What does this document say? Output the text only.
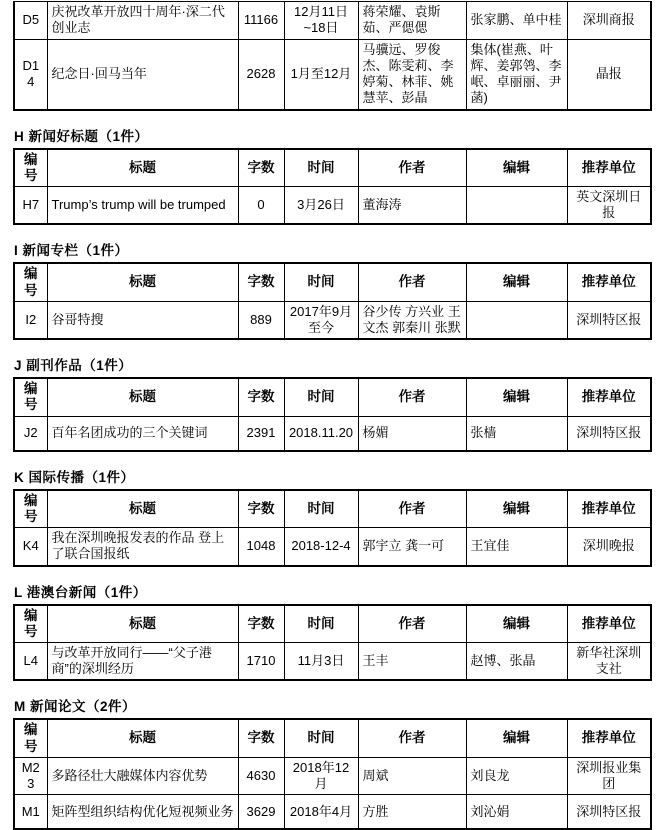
D5	庆祝改革开放四十周年·深二代创业志	11166	12月11日~18日	蒋荣耀、袁斯茹、严偲偲	张家鹏、单中桂	深圳商报
D14	纪念日·回马当年	2628	1月至12月	马骥远、罗俊杰、陈雯莉、李婷菊、林菲、姚慧苹、彭晶	集体(崔燕、叶辉、姜郭鸰、李岷、卓丽丽、尹菡)	晶报
H 新闻好标题（1件）
编号	标题	字数	时间	作者	编辑	推荐单位
H7	Trump’s trump will be trumped	0	3月26日	董海涛		英文深圳日报
I 新闻专栏（1件）
编号	标题	字数	时间	作者	编辑	推荐单位
I2	谷哥特搜	889	2017年9月至今	谷少传 方兴业 王文杰 郭秦川 张默		深圳特区报
J 副刊作品（1件）
编号	标题	字数	时间	作者	编辑	推荐单位
J2	百年名团成功的三个关键词	2391	2018.11.20	杨媚	张樯	深圳特区报
K 国际传播（1件）
编号	标题	字数	时间	作者	编辑	推荐单位
K4	我在深圳晚报发表的作品 登上了联合国报纸	1048	2018-12-4	郭宇立 龚一可	王宜佳	深圳晚报
L 港澳台新闻（1件）
编号	标题	字数	时间	作者	编辑	推荐单位
L4	与改革开放同行——“父子港商”的深圳经历	1710	11月3日	王丰	赵博、张晶	新华社深圳支社
M 新闻论文（2件）
编号	标题	字数	时间	作者	编辑	推荐单位
M23	多路径壮大融媒体内容优势	4630	2018年12月	周斌	刘良龙	深圳报业集团
M1	矩阵型组织结构优化短视频业务	3629	2018年4月	方胜	刘沁娟	深圳特区报
